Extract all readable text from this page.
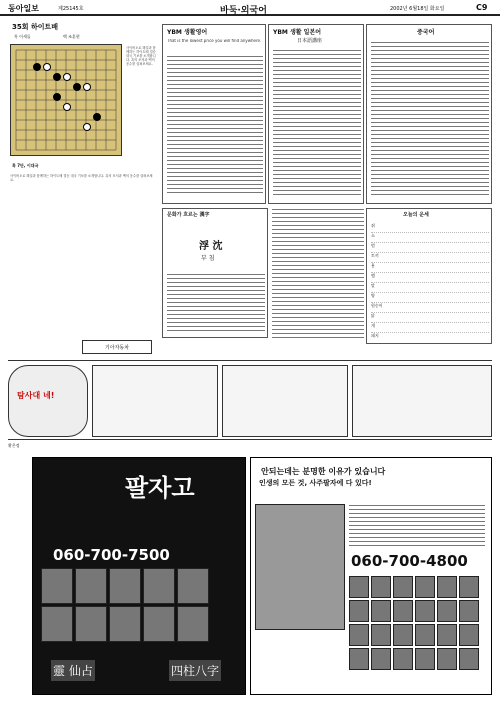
동아일보	제25145호	바둑·외국어	2002년 6월18일 화요일	C9
35회 하이트배
흑 이세돌	백 조훈현
사이버오로 해설과 함께하는 하이트배 결승 대국 기보를 소개합니다. 흑의 포석과 백의 응수를 살펴보세요.
흑 7단, 이대국
사이버오로 해설과 함께하는 하이트배 결승 대국 기보를 소개합니다. 흑의 포석과 백의 응수를 살펴보세요.
기아자동차
YBM 생활영어
That is the lowest price you will find anywhere.
YBM 생활 일본어
日本語講座
중국어
문화가 흐르는 漢字
浮 沈
부 침
오늘의 운세
쥐
소
범
토끼
용
뱀
말
양
원숭이
닭
개
돼지
탐사대 네!
황은정
팔자고
060-700-7500
靈 仙占	四柱八字
안되는데는 분명한 이유가 있습니다
인생의 모든 것, 사주팔자에 다 있다!
060-700-4800
